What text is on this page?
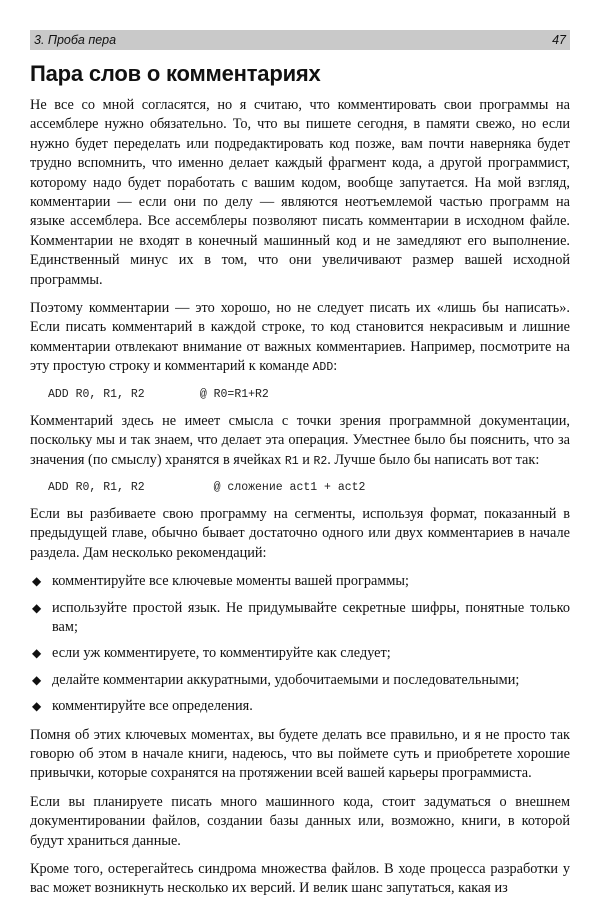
3. Проба пера	47
Пара слов о комментариях

Не все со мной согласятся, но я считаю, что комментировать свои программы на ассемблере нужно обязательно. То, что вы пишете сегодня, в памяти свежо, но если нужно будет переделать или подредактировать код позже, вам почти наверняка будет трудно вспомнить, что именно делает каждый фрагмент кода, а другой программист, которому надо будет поработать с вашим кодом, вообще запутается. На мой взгляд, комментарии — если они по делу — являются неотъемлемой частью программ на языке ассемблера. Все ассемблеры позволяют писать комментарии в исходном файле. Комментарии не входят в конечный машинный код и не замедляют его выполнение. Единственный минус их в том, что они увеличивают размер вашей исходной программы.

Поэтому комментарии — это хорошо, но не следует писать их «лишь бы написать». Если писать комментарий в каждой строке, то код становится некрасивым и лишние комментарии отвлекают внимание от важных комментариев. Например, посмотрите на эту простую строку и комментарий к команде ADD:

ADD R0, R1, R2        @ R0=R1+R2

Комментарий здесь не имеет смысла с точки зрения программной документации, поскольку мы и так знаем, что делает эта операция. Уместнее было бы пояснить, что за значения (по смыслу) хранятся в ячейках R1 и R2. Лучше было бы написать вот так:

ADD R0, R1, R2          @ сложение act1 + act2

Если вы разбиваете свою программу на сегменты, используя формат, показанный в предыдущей главе, обычно бывает достаточно одного или двух комментариев в начале раздела. Дам несколько рекомендаций:

◆ комментируйте все ключевые моменты вашей программы;
◆ используйте простой язык. Не придумывайте секретные шифры, понятные только вам;
◆ если уж комментируете, то комментируйте как следует;
◆ делайте комментарии аккуратными, удобочитаемыми и последовательными;
◆ комментируйте все определения.

Помня об этих ключевых моментах, вы будете делать все правильно, и я не просто так говорю об этом в начале книги, надеюсь, что вы поймете суть и приобретете хорошие привычки, которые сохранятся на протяжении всей вашей карьеры программиста.

Если вы планируете писать много машинного кода, стоит задуматься о внешнем документировании файлов, создании базы данных или, возможно, книги, в которой будут храниться данные.

Кроме того, остерегайтесь синдрома множества файлов. В ходе процесса разработки у вас может возникнуть несколько их версий. И велик шанс запутаться, какая из
